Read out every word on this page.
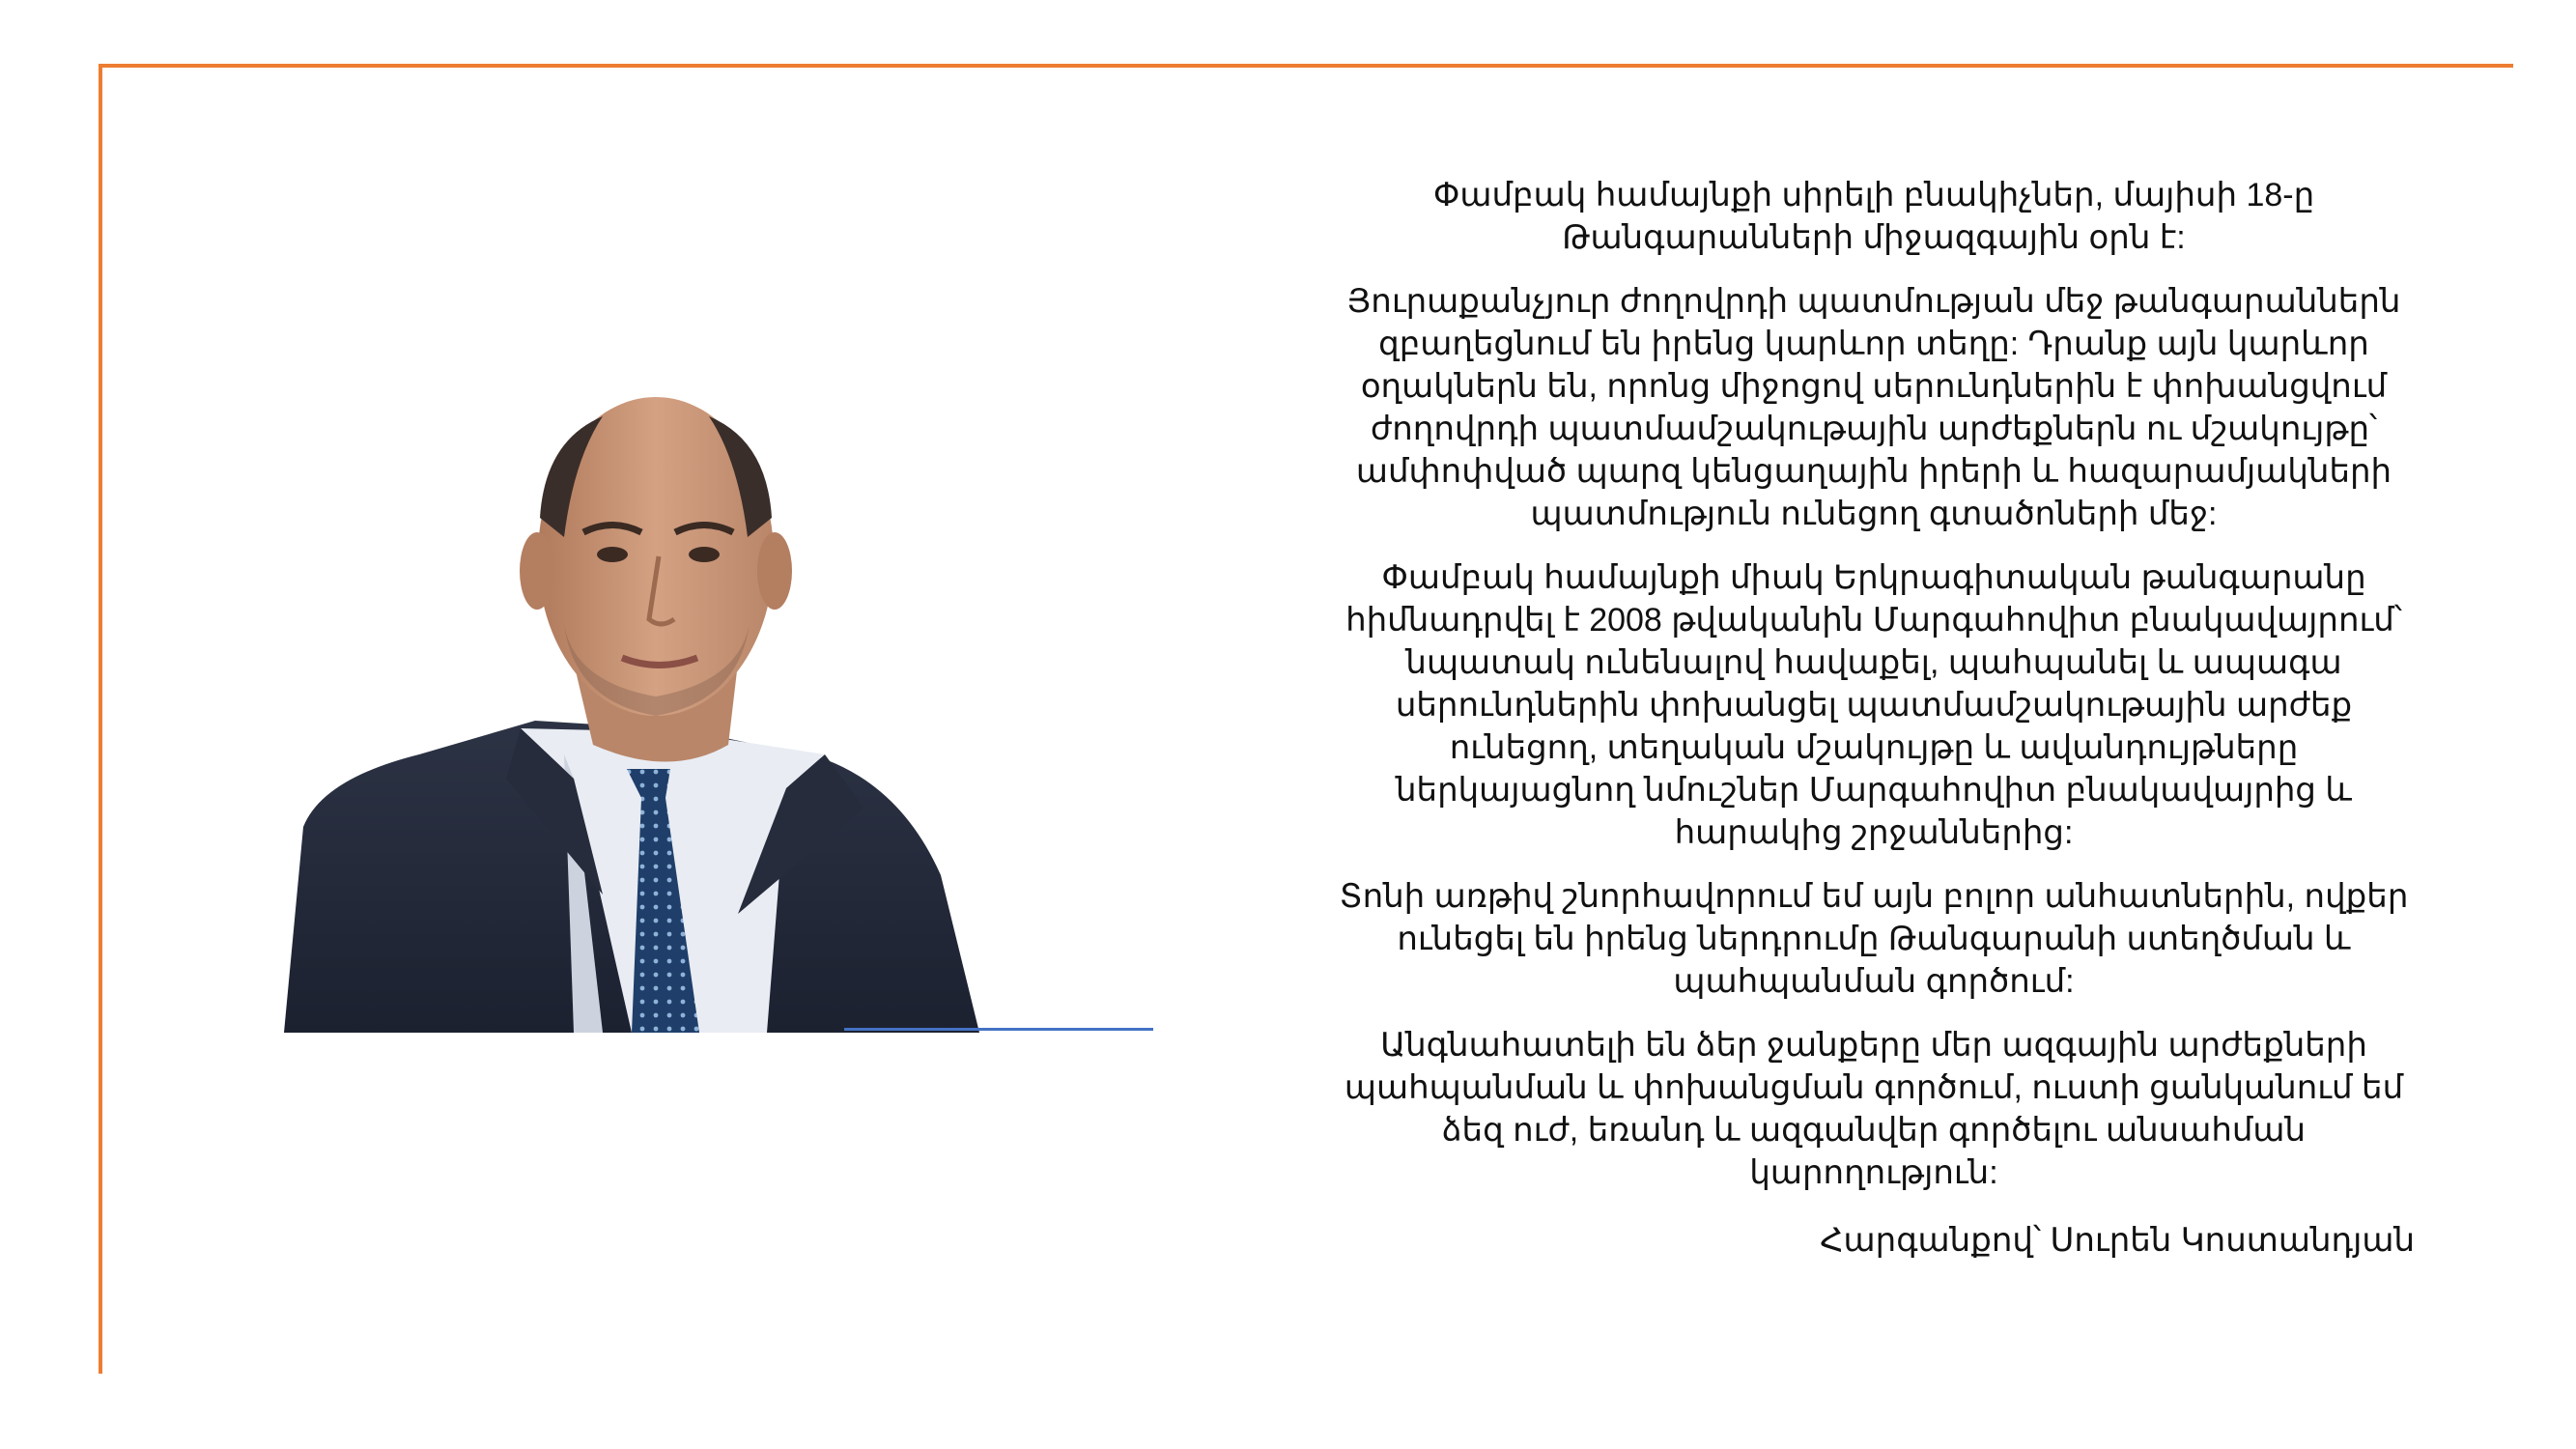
Փամբակ համայնքի սիրելի բնակիչներ, մայիսի 18-ը Թանգարանների միջազգային օրն է:

Յուրաքանչյուր ժողովրդի պատմության մեջ թանգարաններն զբաղեցնում են իրենց կարևոր տեղը: Դրանք այն կարևոր օղակներն են, որոնց միջոցով սերունդներին է փոխանցվում ժողովրդի պատմամշակութային արժեքներն ու մշակույթը՝ ամփոփված պարզ կենցաղային իրերի և հազարամյակների պատմություն ունեցող գտածոների մեջ:

Փամբակ համայնքի միակ Երկրագիտական թանգարանը հիմնադրվել է 2008 թվականին Մարգահովիտ բնակավայրում՝ նպատակ ունենալով հավաքել, պահպանել և ապագա սերունդներին փոխանցել պատմամշակութային արժեք ունեցող, տեղական մշակույթը և ավանդույթները ներկայացնող նմուշներ Մարգահովիտ բնակավայրից և հարակից շրջաններից:

Տոնի առթիվ շնորհավորում եմ այն բոլոր անհատներին, ովքեր ունեցել են իրենց ներդրումը Թանգարանի ստեղծման և պահպանման գործում:

Անգնահատելի են ձեր ջանքերը մեր ազգային արժեքների պահպանման և փոխանցման գործում, ուստի ցանկանում եմ ձեզ ուժ, եռանդ և ազգանվեր գործելու անսահման կարողություն:

Հարգանքով՝ Սուրեն Կոստանդյան
